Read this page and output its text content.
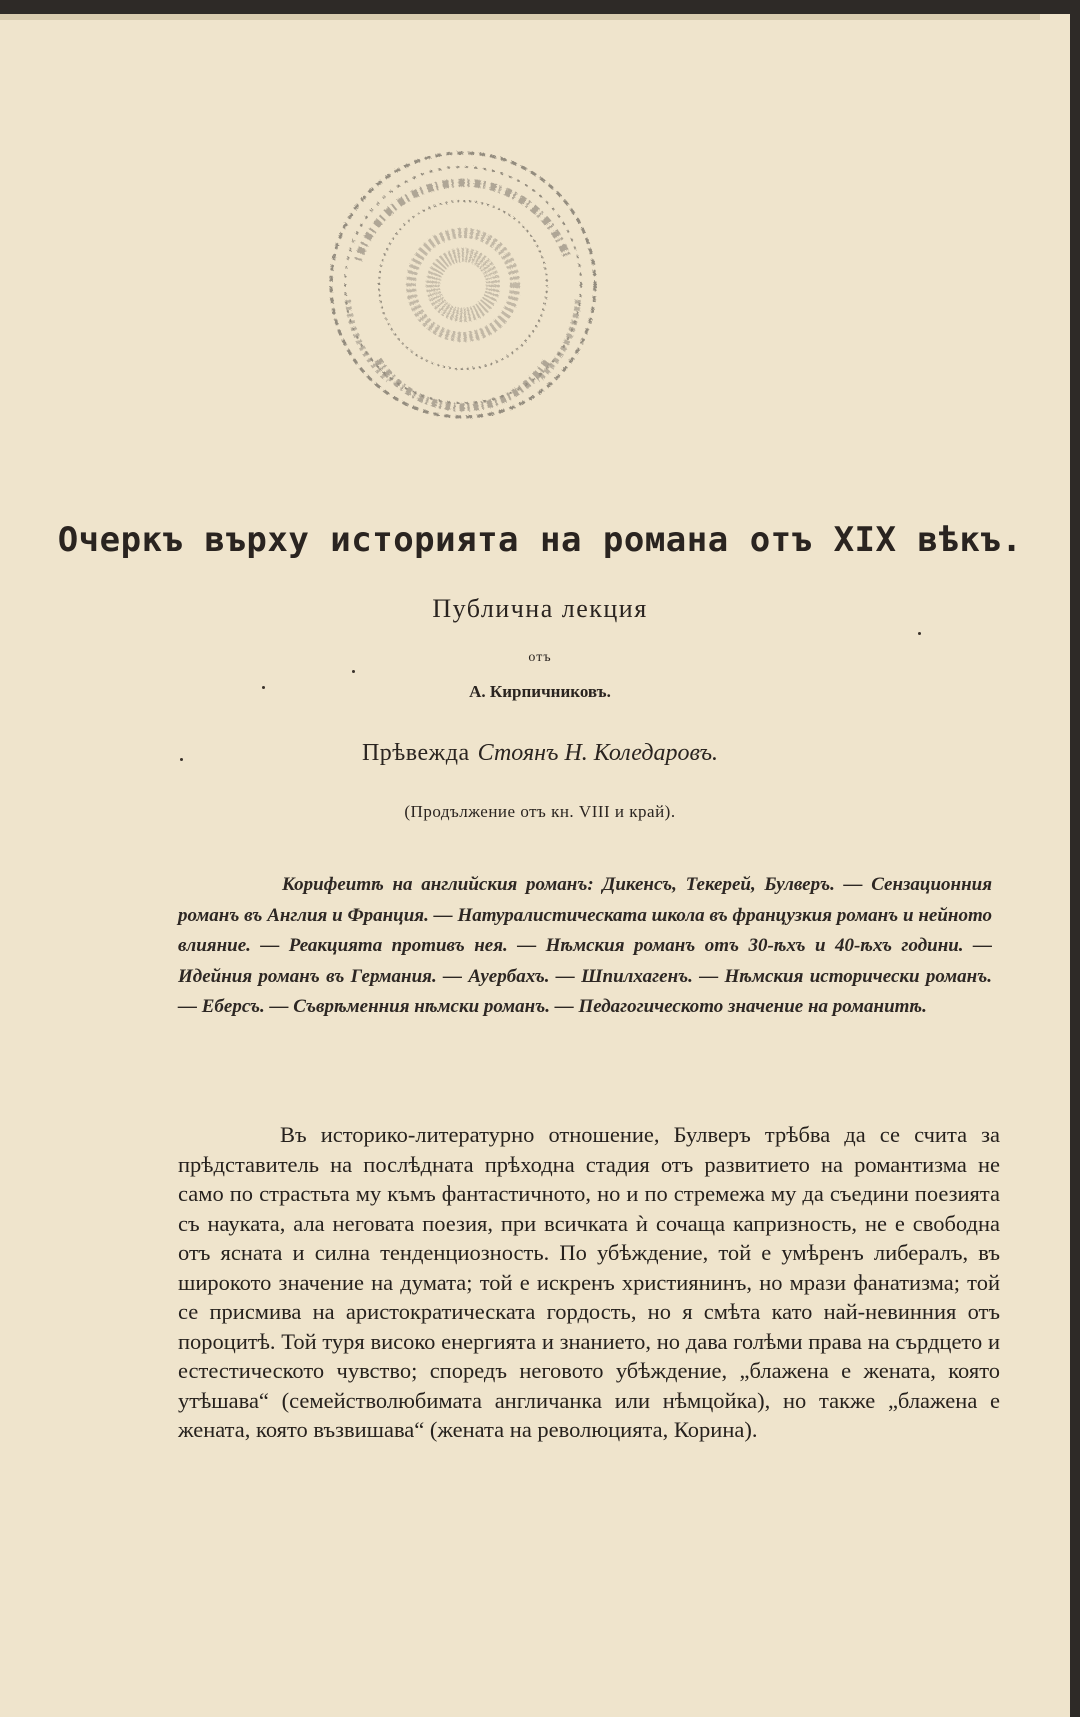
Очеркъ върху историята на романа отъ XIX вѣкъ.
Публична лекция
отъ
А. Кирпичниковъ.
Прѣвежда Стоянъ Н. Коледаровъ.
(Продължение отъ кн. VIII и край).
Корифеитѣ на английския романъ: Дикенсъ, Текерей, Булверъ. — Сензационния романъ въ Англия и Франция. — Натуралистическата школа въ французкия романъ и нейното влияние. — Реакцията противъ нея. — Нѣмския романъ отъ 30-ѣхъ и 40-ѣхъ години. — Идейния романъ въ Германия. — Ауербахъ. — Шпилхагенъ. — Нѣмския исторически романъ. — Еберсъ. — Съврѣменния нѣмски романъ. — Педагогическото значение на романитѣ.
Въ историко-литературно отношение, Булверъ трѣбва да се счита за прѣдставитель на послѣдната прѣходна стадия отъ развитието на романтизма не само по страстьта му къмъ фантастичното, но и по стремежа му да съедини поезията съ науката, ала неговата поезия, при всичката ѝ сочаща капризность, не е свободна отъ ясната и силна тенденциозность. По убѣждение, той е умѣренъ либералъ, въ широкото значение на думата; той е искренъ християнинъ, но мрази фанатизма; той се присмива на аристократическата гордость, но я смѣта като най-невинния отъ пороцитѣ. Той туря високо енергията и знанието, но дава голѣми права на сърдцето и естестическото чувство; споредъ неговото убѣждение, „блажена е жената, която утѣшава“ (семействолюбимата англичанка или нѣмцойка), но также „блажена е жената, която възвишава“ (жената на революцията, Корина).
